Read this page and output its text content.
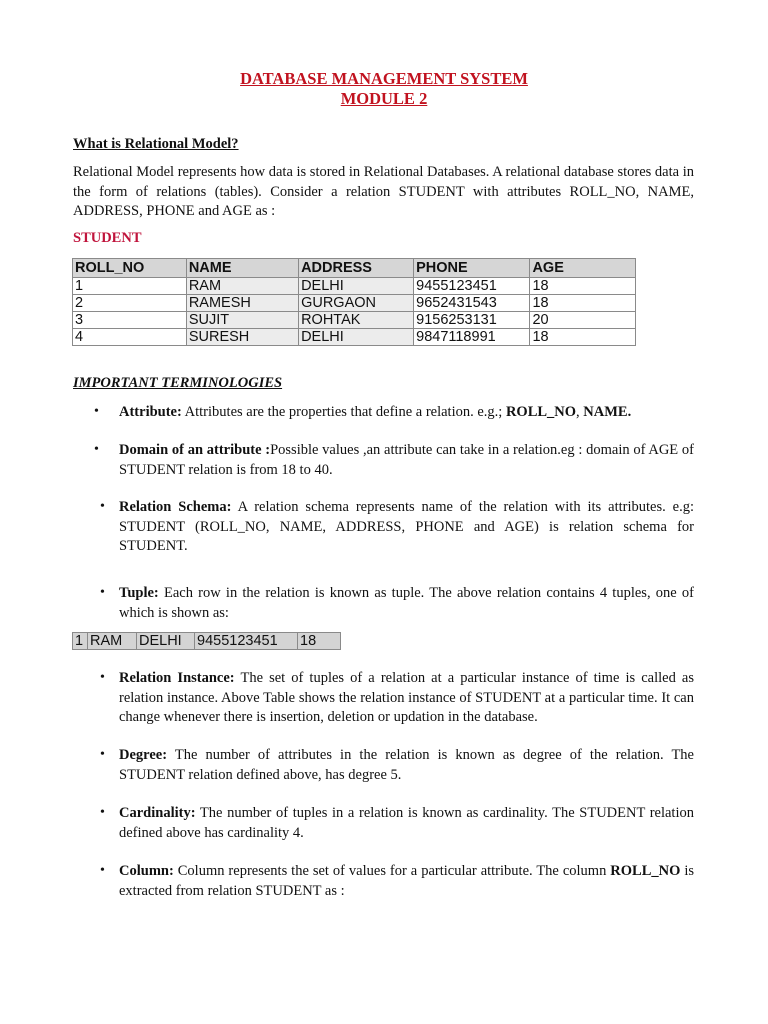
DATABASE MANAGEMENT SYSTEM
MODULE 2
What is Relational Model?

Relational Model represents how data is stored in Relational Databases. A relational database stores data in the form of relations (tables). Consider a relation STUDENT with attributes ROLL_NO, NAME, ADDRESS, PHONE and AGE as :

STUDENT
ROLL_NO	NAME	ADDRESS	PHONE	AGE
1	RAM	DELHI	9455123451	18
2	RAMESH	GURGAON	9652431543	18
3	SUJIT	ROHTAK	9156253131	20
4	SURESH	DELHI	9847118991	18
IMPORTANT TERMINOLOGIES
• Attribute: Attributes are the properties that define a relation. e.g.; ROLL_NO, NAME.
• Domain of an attribute :Possible values ,an attribute can take in a relation.eg : domain of AGE of STUDENT relation is from 18 to 40.
• Relation Schema: A relation schema represents name of the relation with its attributes. e.g: STUDENT (ROLL_NO, NAME, ADDRESS, PHONE and AGE) is relation schema for STUDENT.
• Tuple: Each row in the relation is known as tuple. The above relation contains 4 tuples, one of which is shown as:
1	RAM	DELHI	9455123451	18
• Relation Instance: The set of tuples of a relation at a particular instance of time is called as relation instance. Above Table shows the relation instance of STUDENT at a particular time. It can change whenever there is insertion, deletion or updation in the database.
• Degree: The number of attributes in the relation is known as degree of the relation. The STUDENT relation defined above, has degree 5.
• Cardinality: The number of tuples in a relation is known as cardinality. The STUDENT relation defined above has cardinality 4.
• Column: Column represents the set of values for a particular attribute. The column ROLL_NO is extracted from relation STUDENT as :
